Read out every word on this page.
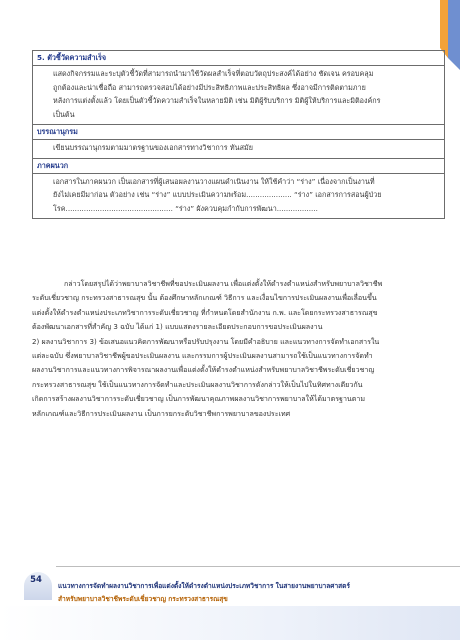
5. ตัวชี้วัดความสำเร็จ
แสดงกิจกรรมและระบุตัวชี้วัดที่สามารถนำมาใช้วัดผลสำเร็จที่ตอบวัตถุประสงค์ได้อย่าง ชัดเจน ครอบคลุม
ถูกต้องและน่าเชื่อถือ สามารถตรวจสอบได้อย่างมีประสิทธิภาพและประสิทธิผล ซึ่งอาจมีการติดตามภาย
หลังการแต่งตั้งแล้ว โดยเป็นตัวชี้วัดความสำเร็จในหลายมิติ เช่น มิติผู้รับบริการ มิติผู้ให้บริการและมิติองค์กร
เป็นต้น
บรรณานุกรม
เขียนบรรณานุกรมตามมาตรฐานของเอกสารทางวิชาการ ทันสมัย
ภาคผนวก
เอกสารในภาคผนวก เป็นเอกสารที่ผู้เสนอผลงานวางแผนดำเนินงาน ให้ใช้คำว่า “ร่าง” เนื่องจากเป็นงานที่
ยังไม่เคยมีมาก่อน ตัวอย่าง เช่น “ร่าง” แบบประเมินความพร้อม.................... “ร่าง” เอกสารการสอนผู้ป่วย
โรค............................................... “ร่าง” ผังควบคุมกำกับการพัฒนา..................

กล่าวโดยสรุปได้ว่าพยาบาลวิชาชีพที่ขอประเมินผลงาน เพื่อแต่งตั้งให้ดำรงตำแหน่งสำหรับพยาบาลวิชาชีพ

ระดับเชี่ยวชาญ กระทรวงสาธารณสุข นั้น ต้องศึกษาหลักเกณฑ์ วิธีการ และเงื่อนไขการประเมินผลงานเพื่อเลื่อนขึ้น

แต่งตั้งให้ดำรงตำแหน่งประเภทวิชาการระดับเชี่ยวชาญ ที่กำหนดโดยสำนักงาน ก.พ. และโดยกระทรวงสาธารณสุข

ต้องพัฒนาเอกสารที่สำคัญ 3 ฉบับ ได้แก่ 1) แบบแสดงรายละเอียดประกอบการขอประเมินผลงาน

2) ผลงานวิชาการ 3) ข้อเสนอแนวคิดการพัฒนาหรือปรับปรุงงาน โดยมีคำอธิบาย และแนวทางการจัดทำเอกสารใน

แต่ละฉบับ ซึ่งพยาบาลวิชาชีพผู้ขอประเมินผลงาน และกรรมการผู้ประเมินผลงานสามารถใช้เป็นแนวทางการจัดทำ

ผลงานวิชาการและแนวทางการพิจารณาผลงานเพื่อแต่งตั้งให้ดำรงตำแหน่งสำหรับพยาบาลวิชาชีพระดับเชี่ยวชาญ

กระทรวงสาธารณสุข ใช้เป็นแนวทางการจัดทำและประเมินผลงานวิชาการดังกล่าวให้เป็นไปในทิศทางเดียวกัน

เกิดการสร้างผลงานวิชาการระดับเชี่ยวชาญ เป็นการพัฒนาคุณภาพผลงานวิชาการพยาบาลให้ได้มาตรฐานตาม

หลักเกณฑ์และวิธีการประเมินผลงาน เป็นการยกระดับวิชาชีพการพยาบาลของประเทศ

54
แนวทางการจัดทำผลงานวิชาการเพื่อแต่งตั้งให้ดำรงตำแหน่งประเภทวิชาการ ในสายงานพยาบาลศาสตร์
สำหรับพยาบาลวิชาชีพระดับเชี่ยวชาญ กระทรวงสาธารณสุข
